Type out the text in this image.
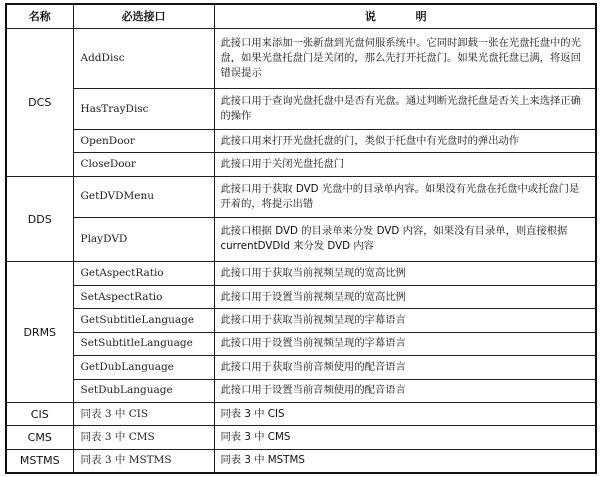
名称	必选接口	说 明
DCS	AddDisc	此接口用来添加一张新盘到光盘伺服系统中。它同时卸载一张在光盘托盘中的光盘，如果光盘托盘门是关闭的，那么先打开托盘门。如果光盘托盘已满，将返回错误提示
	HasTrayDisc	此接口用于查询光盘托盘中是否有光盘。通过判断光盘托盘是否关上来选择正确的操作
	OpenDoor	此接口用来打开光盘托盘的门，类似于托盘中有光盘时的弹出动作
	CloseDoor	此接口用于关闭光盘托盘门
DDS	GetDVDMenu	此接口用于获取 DVD 光盘中的目录单内容。如果没有光盘在托盘中或托盘门是开着的，将提示出错
	PlayDVD	此接口根据 DVD 的目录单来分发 DVD 内容，如果没有目录单，则直接根据 currentDVDId 来分发 DVD 内容
DRMS	GetAspectRatio	此接口用于获取当前视频呈现的宽高比例
	SetAspectRatio	此接口用于设置当前视频呈现的宽高比例
	GetSubtitleLanguage	此接口用于获取当前视频呈现的字幕语言
	SetSubtitleLanguage	此接口用于设置当前视频呈现的字幕语言
	GetDubLanguage	此接口用于获取当前音频使用的配音语言
	SetDubLanguage	此接口用于设置当前音频使用的配音语言
CIS	同表 3 中 CIS	同表 3 中 CIS
CMS	同表 3 中 CMS	同表 3 中 CMS
MSTMS	同表 3 中 MSTMS	同表 3 中 MSTMS
